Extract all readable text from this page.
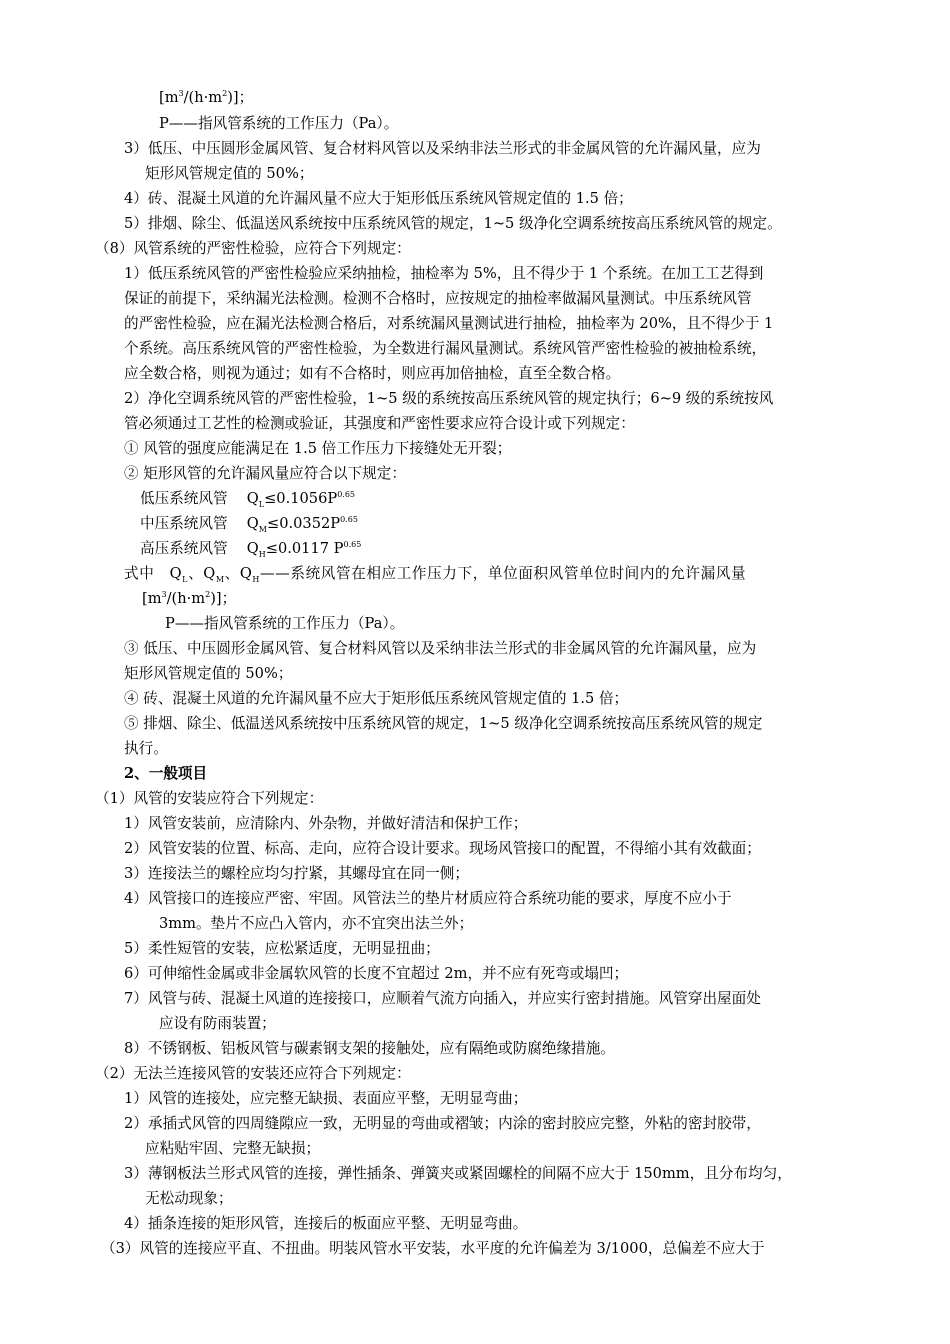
$[m^3/(h\cdot m^2)]$；
P——指风管系统的工作压力（Pa）。
3）低压、中压圆形金属风管、复合材料风管以及采纳非法兰形式的非金属风管的允许漏风量，应为
矩形风管规定值的 50%；
4）砖、混凝土风道的允许漏风量不应大于矩形低压系统风管规定值的 1.5 倍；
5）排烟、除尘、低温送风系统按中压系统风管的规定，1~5 级净化空调系统按高压系统风管的规定。
（8）风管系统的严密性检验，应符合下列规定：
1）低压系统风管的严密性检验应采纳抽检，抽检率为 5%，且不得少于 1 个系统。在加工工艺得到
保证的前提下，采纳漏光法检测。检测不合格时，应按规定的抽检率做漏风量测试。中压系统风管
的严密性检验，应在漏光法检测合格后，对系统漏风量测试进行抽检，抽检率为 20%，且不得少于 1
个系统。高压系统风管的严密性检验，为全数进行漏风量测试。系统风管严密性检验的被抽检系统，
应全数合格，则视为通过；如有不合格时，则应再加倍抽检，直至全数合格。
2）净化空调系统风管的严密性检验，1~5 级的系统按高压系统风管的规定执行；6~9 级的系统按风
管必须通过工艺性的检测或验证，其强度和严密性要求应符合设计或下列规定：
① 风管的强度应能满足在 1.5 倍工作压力下接缝处无开裂；
② 矩形风管的允许漏风量应符合以下规定：
低压系统风管　 $Q_L\le 0.1056P^{0.65}$
中压系统风管　 $Q_M\le 0.0352P^{0.65}$
高压系统风管　 $Q_H\le 0.0117$ $P^{0.65}$
式中　$Q_L$、$Q_M$、$Q_H——$系统风管在相应工作压力下，单位面积风管单位时间内的允许漏风量
$[m^3/(h\cdot m^2)]$；
P——指风管系统的工作压力（Pa）。
③ 低压、中压圆形金属风管、复合材料风管以及采纳非法兰形式的非金属风管的允许漏风量，应为
矩形风管规定值的 50%；
④ 砖、混凝土风道的允许漏风量不应大于矩形低压系统风管规定值的 1.5 倍；
⑤ 排烟、除尘、低温送风系统按中压系统风管的规定，1~5 级净化空调系统按高压系统风管的规定
执行。
2、一般项目
（1）风管的安装应符合下列规定：
1）风管安装前，应清除内、外杂物，并做好清洁和保护工作；
2）风管安装的位置、标高、走向，应符合设计要求。现场风管接口的配置，不得缩小其有效截面；
3）连接法兰的螺栓应均匀拧紧，其螺母宜在同一侧；
4）风管接口的连接应严密、牢固。风管法兰的垫片材质应符合系统功能的要求，厚度不应小于
3mm。垫片不应凸入管内，亦不宜突出法兰外；
5）柔性短管的安装，应松紧适度，无明显扭曲；
6）可伸缩性金属或非金属软风管的长度不宜超过 2m，并不应有死弯或塌凹；
7）风管与砖、混凝土风道的连接接口，应顺着气流方向插入，并应实行密封措施。风管穿出屋面处
应设有防雨装置；
8）不锈钢板、铝板风管与碳素钢支架的接触处，应有隔绝或防腐绝缘措施。
（2）无法兰连接风管的安装还应符合下列规定：
1）风管的连接处，应完整无缺损、表面应平整，无明显弯曲；
2）承插式风管的四周缝隙应一致，无明显的弯曲或褶皱；内涂的密封胶应完整，外粘的密封胶带，
应粘贴牢固、完整无缺损；
3）薄钢板法兰形式风管的连接，弹性插条、弹簧夹或紧固螺栓的间隔不应大于 150mm，且分布均匀，
无松动现象；
4）插条连接的矩形风管，连接后的板面应平整、无明显弯曲。
（3）风管的连接应平直、不扭曲。明装风管水平安装，水平度的允许偏差为 3/1000，总偏差不应大于
